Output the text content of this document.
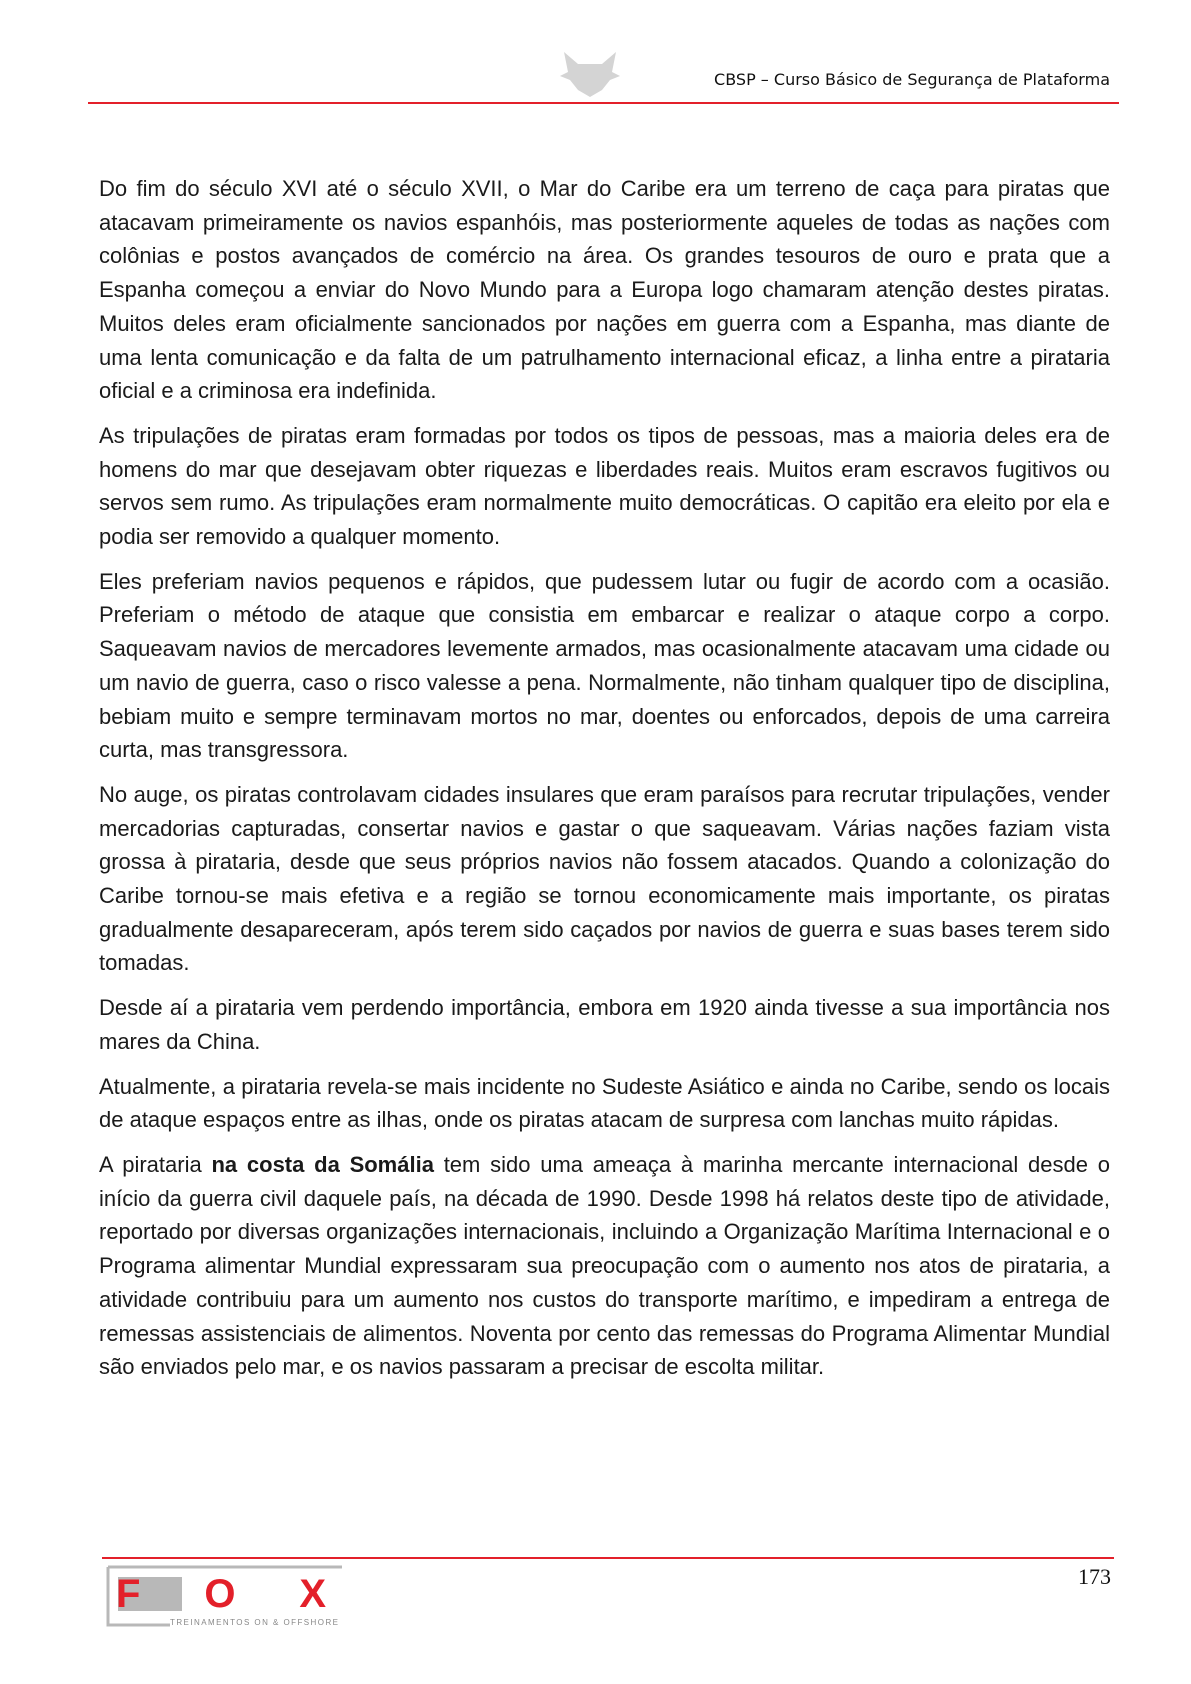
CBSP – Curso Básico de Segurança de Plataforma

Do fim do século XVI até o século XVII, o Mar do Caribe era um terreno de caça para piratas que atacavam primeiramente os navios espanhóis, mas posteriormente aqueles de todas as nações com colônias e postos avançados de comércio na área. Os grandes tesouros de ouro e prata que a Espanha começou a enviar do Novo Mundo para a Europa logo chamaram atenção destes piratas. Muitos deles eram oficialmente sancionados por nações em guerra com a Espanha, mas diante de uma lenta comunicação e da falta de um patrulhamento internacional eficaz, a linha entre a pirataria oficial e a criminosa era indefinida.

As tripulações de piratas eram formadas por todos os tipos de pessoas, mas a maioria deles era de homens do mar que desejavam obter riquezas e liberdades reais. Muitos eram escravos fugitivos ou servos sem rumo. As tripulações eram normalmente muito democráticas. O capitão era eleito por ela e podia ser removido a qualquer momento.

Eles preferiam navios pequenos e rápidos, que pudessem lutar ou fugir de acordo com a ocasião. Preferiam o método de ataque que consistia em embarcar e realizar o ataque corpo a corpo. Saqueavam navios de mercadores levemente armados, mas ocasionalmente atacavam uma cidade ou um navio de guerra, caso o risco valesse a pena. Normalmente, não tinham qualquer tipo de disciplina, bebiam muito e sempre terminavam mortos no mar, doentes ou enforcados, depois de uma carreira curta, mas transgressora.

No auge, os piratas controlavam cidades insulares que eram paraísos para recrutar tripulações, vender mercadorias capturadas, consertar navios e gastar o que saqueavam. Várias nações faziam vista grossa à pirataria, desde que seus próprios navios não fossem atacados. Quando a colonização do Caribe tornou-se mais efetiva e a região se tornou economicamente mais importante, os piratas gradualmente desapareceram, após terem sido caçados por navios de guerra e suas bases terem sido tomadas.

Desde aí a pirataria vem perdendo importância, embora em 1920 ainda tivesse a sua importância nos mares da China.

Atualmente, a pirataria revela-se mais incidente no Sudeste Asiático e ainda no Caribe, sendo os locais de ataque espaços entre as ilhas, onde os piratas atacam de surpresa com lanchas muito rápidas.

A pirataria na costa da Somália tem sido uma ameaça à marinha mercante internacional desde o início da guerra civil daquele país, na década de 1990. Desde 1998 há relatos deste tipo de atividade, reportado por diversas organizações internacionais, incluindo a Organização Marítima Internacional e o Programa alimentar Mundial expressaram sua preocupação com o aumento nos atos de pirataria, a atividade contribuiu para um aumento nos custos do transporte marítimo, e impediram a entrega de remessas assistenciais de alimentos. Noventa por cento das remessas do Programa Alimentar Mundial são enviados pelo mar, e os navios passaram a precisar de escolta militar.

FOX
TREINAMENTOS ON & OFFSHORE
173
